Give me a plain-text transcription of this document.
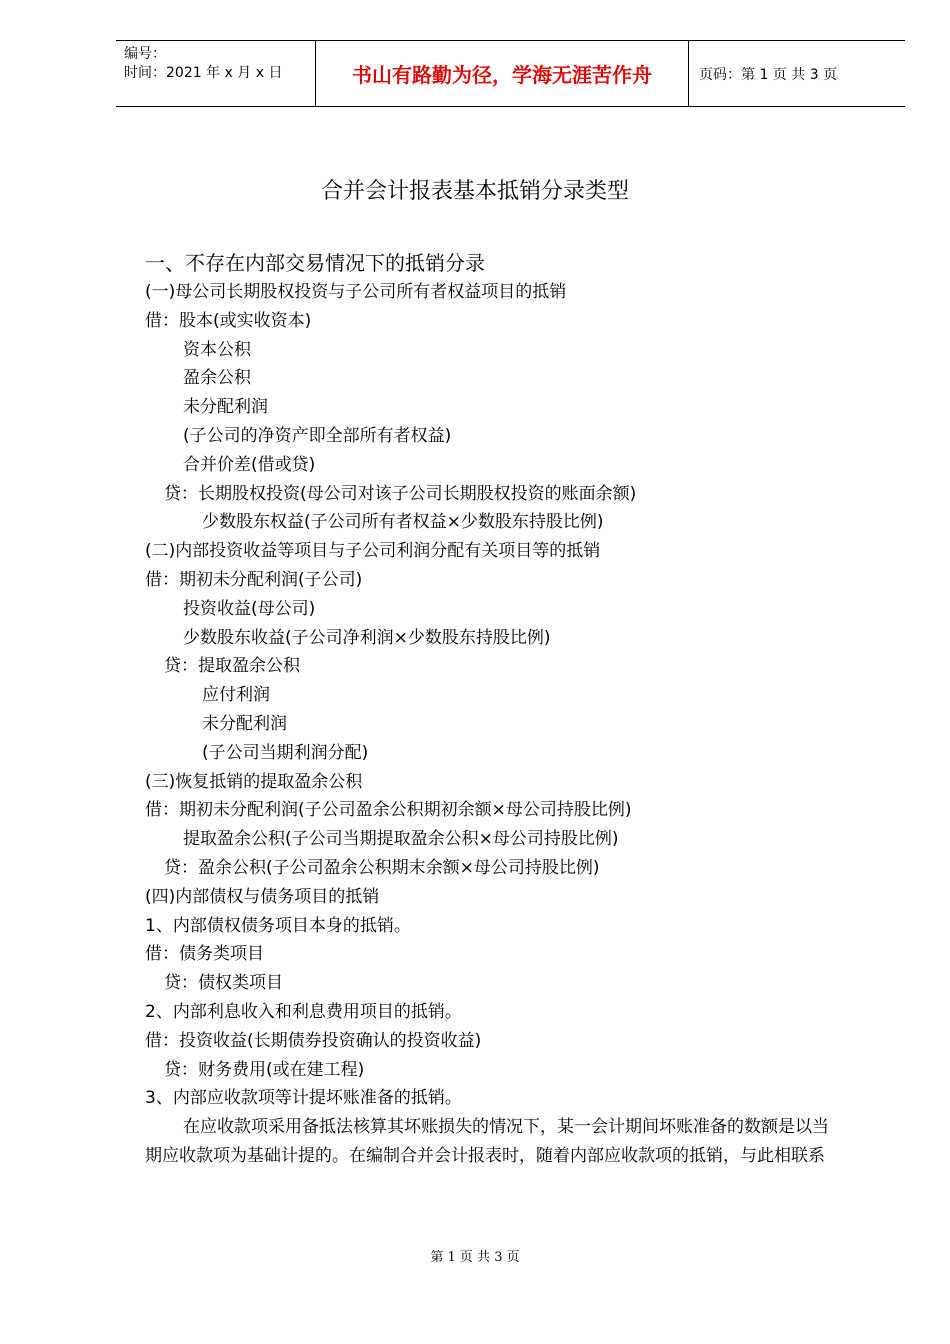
编号：
时间：2021 年 x 月 x 日	书山有路勤为径，学海无涯苦作舟	页码：第 1 页 共 3 页
合并会计报表基本抵销分录类型

一、不存在内部交易情况下的抵销分录

(一)母公司长期股权投资与子公司所有者权益项目的抵销

借：股本(或实收资本)

资本公积

盈余公积

未分配利润

(子公司的净资产即全部所有者权益)

合并价差(借或贷)

贷：长期股权投资(母公司对该子公司长期股权投资的账面余额)

少数股东权益(子公司所有者权益×少数股东持股比例)

(二)内部投资收益等项目与子公司利润分配有关项目等的抵销

借：期初未分配利润(子公司)

投资收益(母公司)

少数股东收益(子公司净利润×少数股东持股比例)

贷：提取盈余公积

应付利润

未分配利润

(子公司当期利润分配)

(三)恢复抵销的提取盈余公积

借：期初未分配利润(子公司盈余公积期初余额×母公司持股比例)

提取盈余公积(子公司当期提取盈余公积×母公司持股比例)

贷：盈余公积(子公司盈余公积期末余额×母公司持股比例)

(四)内部债权与债务项目的抵销

1、内部债权债务项目本身的抵销。

借：债务类项目

贷：债权类项目

2、内部利息收入和利息费用项目的抵销。

借：投资收益(长期债券投资确认的投资收益)

贷：财务费用(或在建工程)

3、内部应收款项等计提坏账准备的抵销。

在应收款项采用备抵法核算其坏账损失的情况下，某一会计期间坏账准备的数额是以当

期应收款项为基础计提的。在编制合并会计报表时，随着内部应收款项的抵销，与此相联系

第 1 页 共 3 页
